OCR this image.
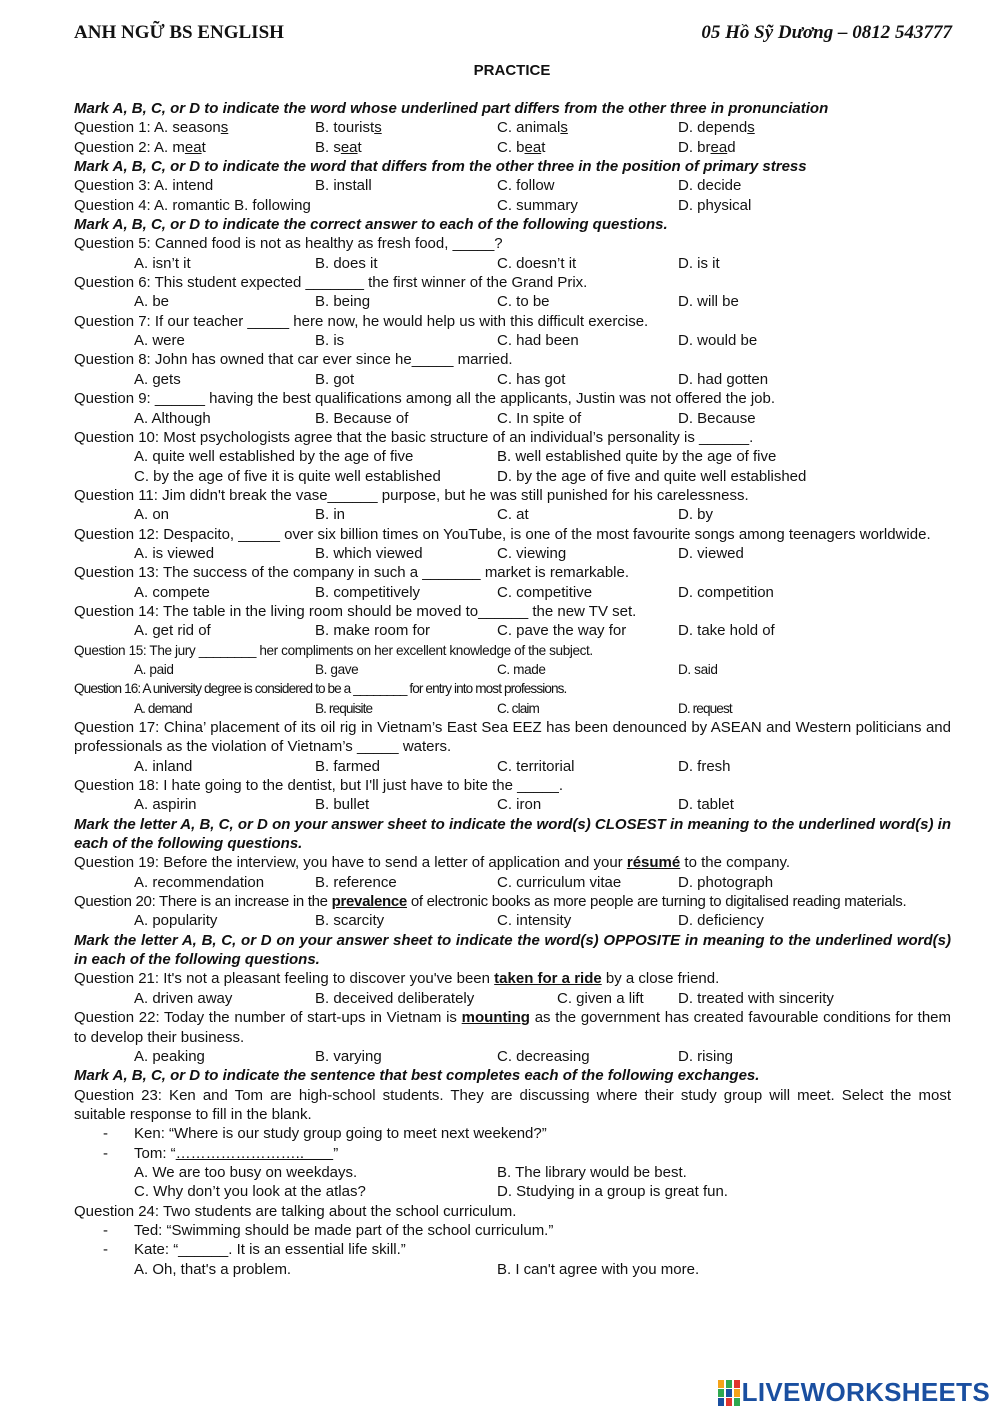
ANH NGỮ BS ENGLISH	05 Hồ Sỹ Dương – 0812 543777
PRACTICE
Mark A, B, C, or D to indicate the word whose underlined part differs from the other three in pronunciation
Question 1: A. seasons	B. tourists	C. animals	D. depends
Question 2: A. meat	B. seat	C. beat	D. bread
Mark A, B, C, or D to indicate the word that differs from the other three in the position of primary stress
Question 3: A. intend	B. install	C. follow	D. decide
Question 4: A. romantic B. following	C. summary	D. physical
Mark A, B, C, or D to indicate the correct answer to each of the following questions.
Question 5: Canned food is not as healthy as fresh food, _____?
A. isn’t it	B. does it	C. doesn’t it	D. is it
Question 6: This student expected _______ the first winner of the Grand Prix.
A. be	B. being	C. to be	D. will be
Question 7: If our teacher _____ here now, he would help us with this difficult exercise.
A. were	B. is	C. had been	D. would be
Question 8: John has owned that car ever since he_____ married.
A. gets	B. got	C. has got	D. had gotten
Question 9: ______ having the best qualifications among all the applicants, Justin was not offered the job.
A. Although	B. Because of	C. In spite of	D. Because
Question 10: Most psychologists agree that the basic structure of an individual’s personality is ______.
A. quite well established by the age of five	B. well established quite by the age of five
C. by the age of five it is quite well established	D. by the age of five and quite well established
Question 11: Jim didn't break the vase______ purpose, but he was still punished for his carelessness.
A. on	B. in	C. at	D. by
Question 12: Despacito, _____ over six billion times on YouTube, is one of the most favourite songs among teenagers worldwide.
A. is viewed	B. which viewed	C. viewing	D. viewed
Question 13: The success of the company in such a _______ market is remarkable.
A. compete	B. competitively	C. competitive	D. competition
Question 14: The table in the living room should be moved to______ the new TV set.
A. get rid of	B. make room for	C. pave the way for	D. take hold of
Question 15: The jury ________ her compliments on her excellent knowledge of the subject.
A. paid	B. gave	C. made	D. said
Question 16: A university degree is considered to be a ________ for entry into most professions.
A. demand	B. requisite	C. claim	D. request
Question 17: China’ placement of its oil rig in Vietnam’s East Sea EEZ has been denounced by ASEAN and Western politicians and professionals as the violation of Vietnam’s _____ waters.
A. inland	B. farmed	C. territorial	D. fresh
Question 18: I hate going to the dentist, but I'll just have to bite the _____.
A. aspirin	B. bullet	C. iron	D. tablet
Mark the letter A, B, C, or D on your answer sheet to indicate the word(s) CLOSEST in meaning to the underlined word(s) in each of the following questions.
Question 19: Before the interview, you have to send a letter of application and your résumé to the company.
A. recommendation	B. reference	C. curriculum vitae	D. photograph
Question 20: There is an increase in the prevalence of electronic books as more people are turning to digitalised reading materials.
A. popularity	B. scarcity	C. intensity	D. deficiency
Mark the letter A, B, C, or D on your answer sheet to indicate the word(s) OPPOSITE in meaning to the underlined word(s) in each of the following questions.
Question 21: It's not a pleasant feeling to discover you've been taken for a ride by a close friend.
A. driven away	B. deceived deliberately	C. given a lift	D. treated with sincerity
Question 22: Today the number of start-ups in Vietnam is mounting as the government has created favourable conditions for them to develop their business.
A. peaking	B. varying	C. decreasing	D. rising
Mark A, B, C, or D to indicate the sentence that best completes each of the following exchanges.
Question 23: Ken and Tom are high-school students. They are discussing where their study group will meet. Select the most suitable response to fill in the blank.
-	Ken: “Where is our study group going to meet next weekend?”
-	Tom: “ …………………….. ”
A. We are too busy on weekdays.	B. The library would be best.
C. Why don’t you look at the atlas?	D. Studying in a group is great fun.
Question 24: Two students are talking about the school curriculum.
-	Ted: “Swimming should be made part of the school curriculum.”
-	Kate: “______. It is an essential life skill.”
A. Oh, that's a problem.	B. I can't agree with you more.
LIVEWORKSHEETS
